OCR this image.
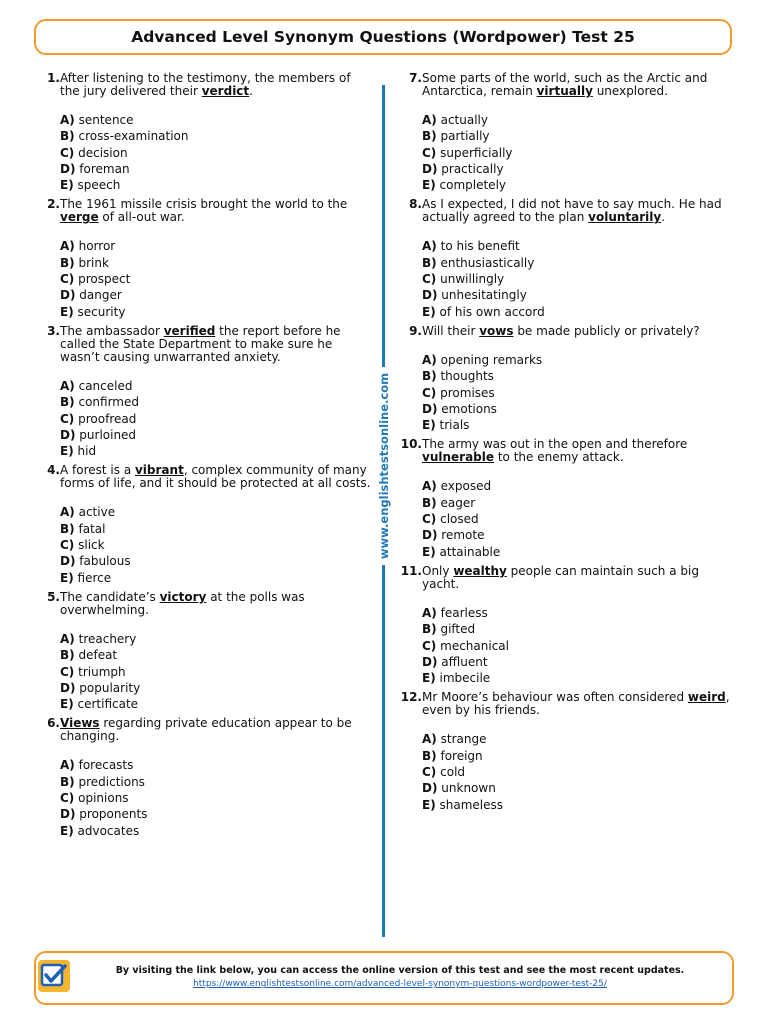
Advanced Level Synonym Questions (Wordpower) Test 25
1. After listening to the testimony, the members of the jury delivered their verdict.

A) sentence
B) cross-examination
C) decision
D) foreman
E) speech
2. The 1961 missile crisis brought the world to the verge of all-out war.

A) horror
B) brink
C) prospect
D) danger
E) security
3. The ambassador verified the report before he called the State Department to make sure he wasn’t causing unwarranted anxiety.

A) canceled
B) confirmed
C) proofread
D) purloined
E) hid
4. A forest is a vibrant, complex community of many forms of life, and it should be protected at all costs.

A) active
B) fatal
C) slick
D) fabulous
E) fierce
5. The candidate’s victory at the polls was overwhelming.

A) treachery
B) defeat
C) triumph
D) popularity
E) certificate
6. Views regarding private education appear to be changing.

A) forecasts
B) predictions
C) opinions
D) proponents
E) advocates
www.englishtestsonline.com
7. Some parts of the world, such as the Arctic and Antarctica, remain virtually unexplored.

A) actually
B) partially
C) superficially
D) practically
E) completely
8. As I expected, I did not have to say much. He had actually agreed to the plan voluntarily.

A) to his benefit
B) enthusiastically
C) unwillingly
D) unhesitatingly
E) of his own accord
9. Will their vows be made publicly or privately?

A) opening remarks
B) thoughts
C) promises
D) emotions
E) trials
10. The army was out in the open and therefore vulnerable to the enemy attack.

A) exposed
B) eager
C) closed
D) remote
E) attainable
11. Only wealthy people can maintain such a big yacht.

A) fearless
B) gifted
C) mechanical
D) affluent
E) imbecile
12. Mr Moore’s behaviour was often considered weird, even by his friends.

A) strange
B) foreign
C) cold
D) unknown
E) shameless
By visiting the link below, you can access the online version of this test and see the most recent updates.
https://www.englishtestsonline.com/advanced-level-synonym-questions-wordpower-test-25/
